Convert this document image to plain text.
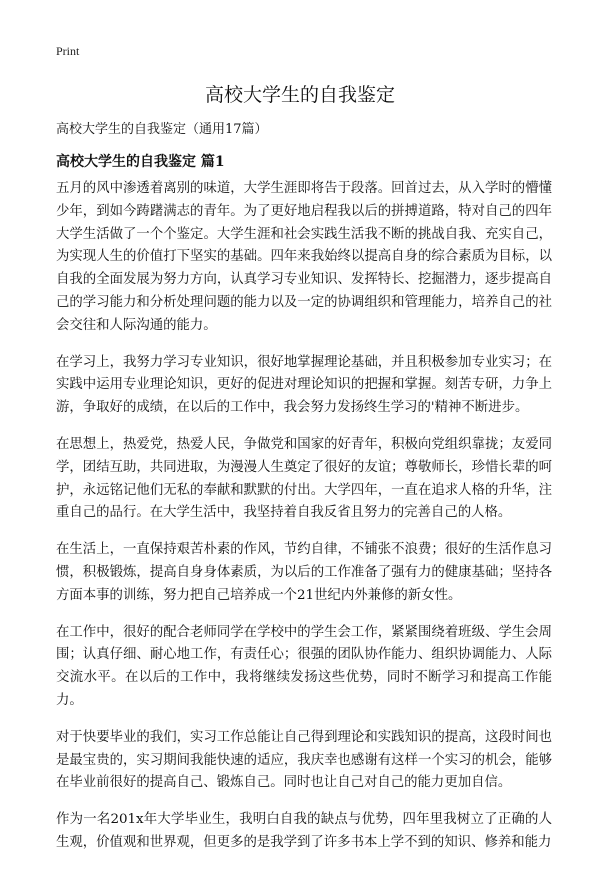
Print
高校大学生的自我鉴定
高校大学生的自我鉴定（通用17篇）
高校大学生的自我鉴定 篇1

五月的风中渗透着离别的味道，大学生涯即将告于段落。回首过去，从入学时的懵懂少年，到如今踌躇满志的青年。为了更好地启程我以后的拼搏道路，特对自己的四年大学生活做了一个个鉴定。大学生涯和社会实践生活我不断的挑战自我、充实自己，为实现人生的价值打下坚实的基础。四年来我始终以提高自身的综合素质为目标，以自我的全面发展为努力方向，认真学习专业知识、发挥特长、挖掘潜力，逐步提高自己的学习能力和分析处理问题的能力以及一定的协调组织和管理能力，培养自己的社会交往和人际沟通的能力。

在学习上，我努力学习专业知识，很好地掌握理论基础，并且积极参加专业实习；在实践中运用专业理论知识，更好的促进对理论知识的把握和掌握。刻苦专研，力争上游，争取好的成绩，在以后的工作中，我会努力发扬终生学习的'精神不断进步。

在思想上，热爱党，热爱人民，争做党和国家的好青年，积极向党组织靠拢；友爱同学，团结互助，共同进取，为漫漫人生奠定了很好的友谊；尊敬师长，珍惜长辈的呵护，永远铭记他们无私的奉献和默默的付出。大学四年，一直在追求人格的升华，注重自己的品行。在大学生活中，我坚持着自我反省且努力的完善自己的人格。

在生活上，一直保持艰苦朴素的作风，节约自律，不铺张不浪费；很好的生活作息习惯，积极锻炼，提高自身身体素质，为以后的工作准备了强有力的健康基础；坚持各方面本事的训练，努力把自己培养成一个21世纪内外兼修的新女性。

在工作中，很好的配合老师同学在学校中的学生会工作，紧紧围绕着班级、学生会周围；认真仔细、耐心地工作，有责任心；很强的团队协作能力、组织协调能力、人际交流水平。在以后的工作中，我将继续发扬这些优势，同时不断学习和提高工作能力。

对于快要毕业的我们，实习工作总能让自己得到理论和实践知识的提高，这段时间也是最宝贵的，实习期间我能快速的适应，我庆幸也感谢有这样一个实习的机会，能够在毕业前很好的提高自己、锻炼自己。同时也让自己对自己的能力更加自信。

作为一名201x年大学毕业生，我明白自我的缺点与优势，四年里我树立了正确的人生观，价值观和世界观，但更多的是我学到了许多书本上学不到的知识、修养和能力
